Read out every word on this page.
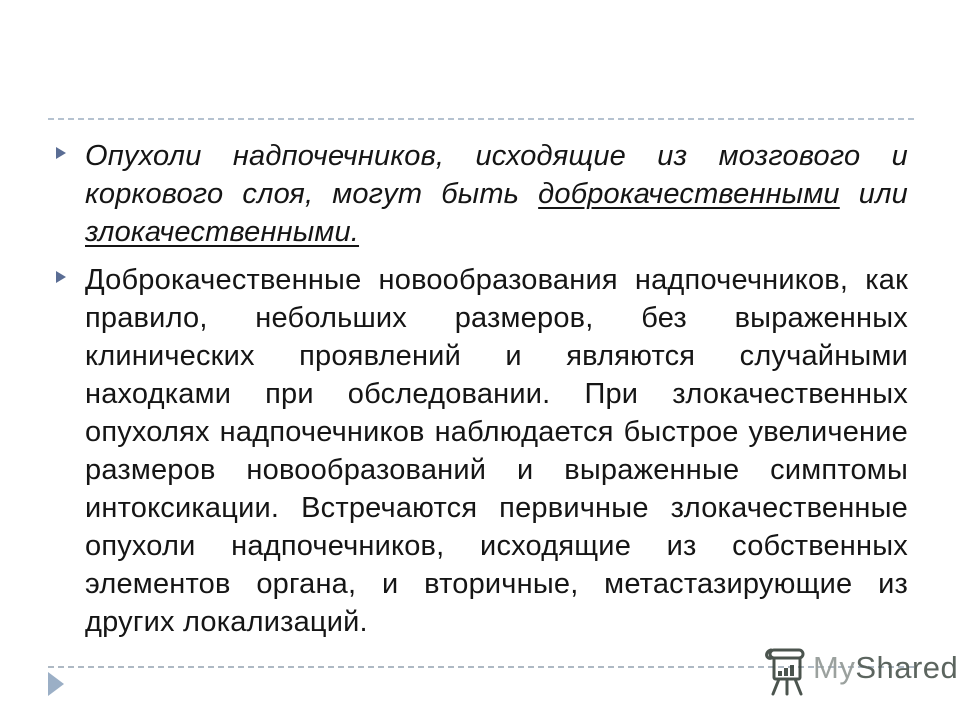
Опухоли надпочечников, исходящие из мозгового и коркового слоя, могут быть доброкачественными или злокачественными.

Доброкачественные новообразования надпочечников, как правило, небольших размеров, без выраженных клинических проявлений и являются случайными находками при обследовании. При злокачественных опухолях надпочечников наблюдается быстрое увеличение размеров новообразований и выраженные симптомы интоксикации. Встречаются первичные злокачественные опухоли надпочечников, исходящие из собственных элементов органа, и вторичные, метастазирующие из других локализаций.

MyShared
